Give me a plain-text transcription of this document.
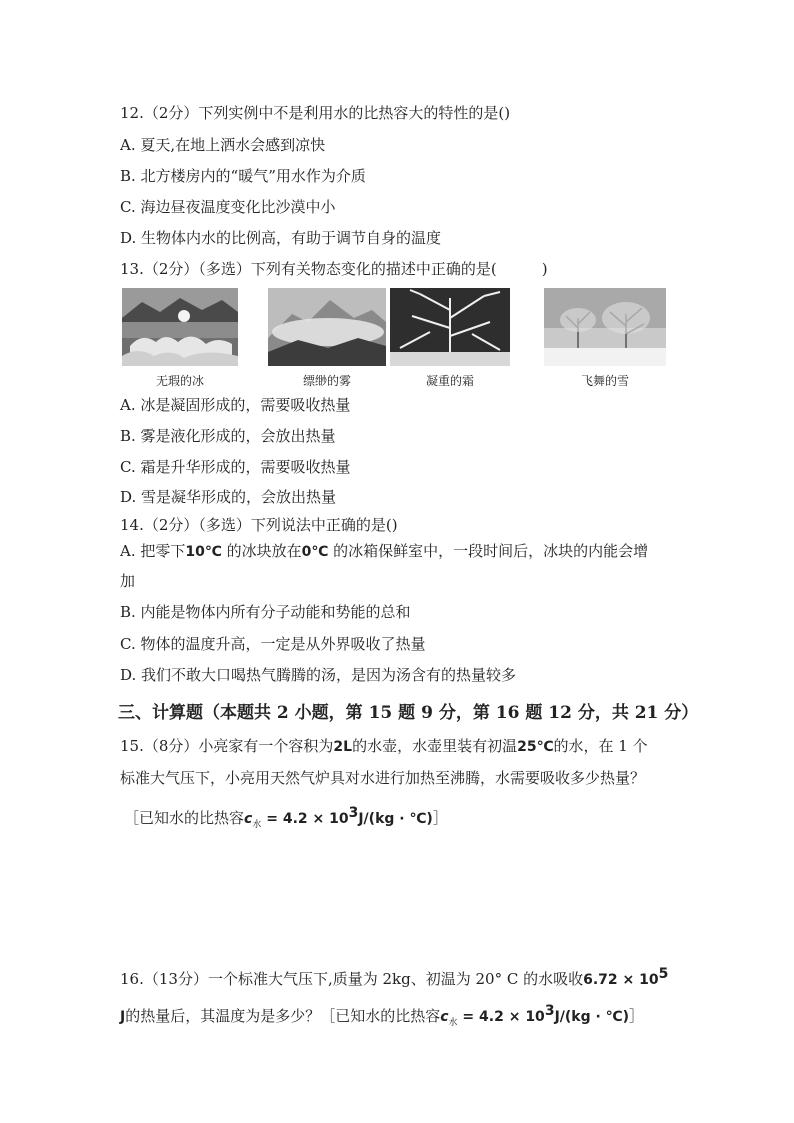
12.（2分）下列实例中不是利用水的比热容大的特性的是()
A. 夏天,在地上洒水会感到凉快
B. 北方楼房内的“暖气”用水作为介质
C. 海边昼夜温度变化比沙漠中小
D. 生物体内水的比例高，有助于调节自身的温度
13.（2分）（多选）下列有关物态变化的描述中正确的是(　　　)
无瑕的冰	缥缈的雾	凝重的霜	飞舞的雪
A. 冰是凝固形成的，需要吸收热量
B. 雾是液化形成的，会放出热量
C. 霜是升华形成的，需要吸收热量
D. 雪是凝华形成的，会放出热量
14.（2分）（多选）下列说法中正确的是()
A. 把零下10℃ 的冰块放在0℃ 的冰箱保鲜室中，一段时间后，冰块的内能会增
加
B. 内能是物体内所有分子动能和势能的总和
C. 物体的温度升高，一定是从外界吸收了热量
D. 我们不敢大口喝热气腾腾的汤，是因为汤含有的热量较多
三、计算题（本题共 2 小题，第 15 题 9 分，第 16 题 12 分，共 21 分）
15.（8分）小亮家有一个容积为2L的水壶，水壶里装有初温25℃的水，在 1 个
标准大气压下，小亮用天然气炉具对水进行加热至沸腾，水需要吸收多少热量？
［已知水的比热容$c_水 = 4.2 \times 10^3J/(kg$ · ℃)］
16.（13分）一个标准大气压下,质量为 2kg、初温为 20° C 的水吸收$6.72 \times 10^5$
J的热量后，其温度为是多少？［已知水的比热容$c_水 = 4.2 \times 10^3J/(kg$ · ℃)］
